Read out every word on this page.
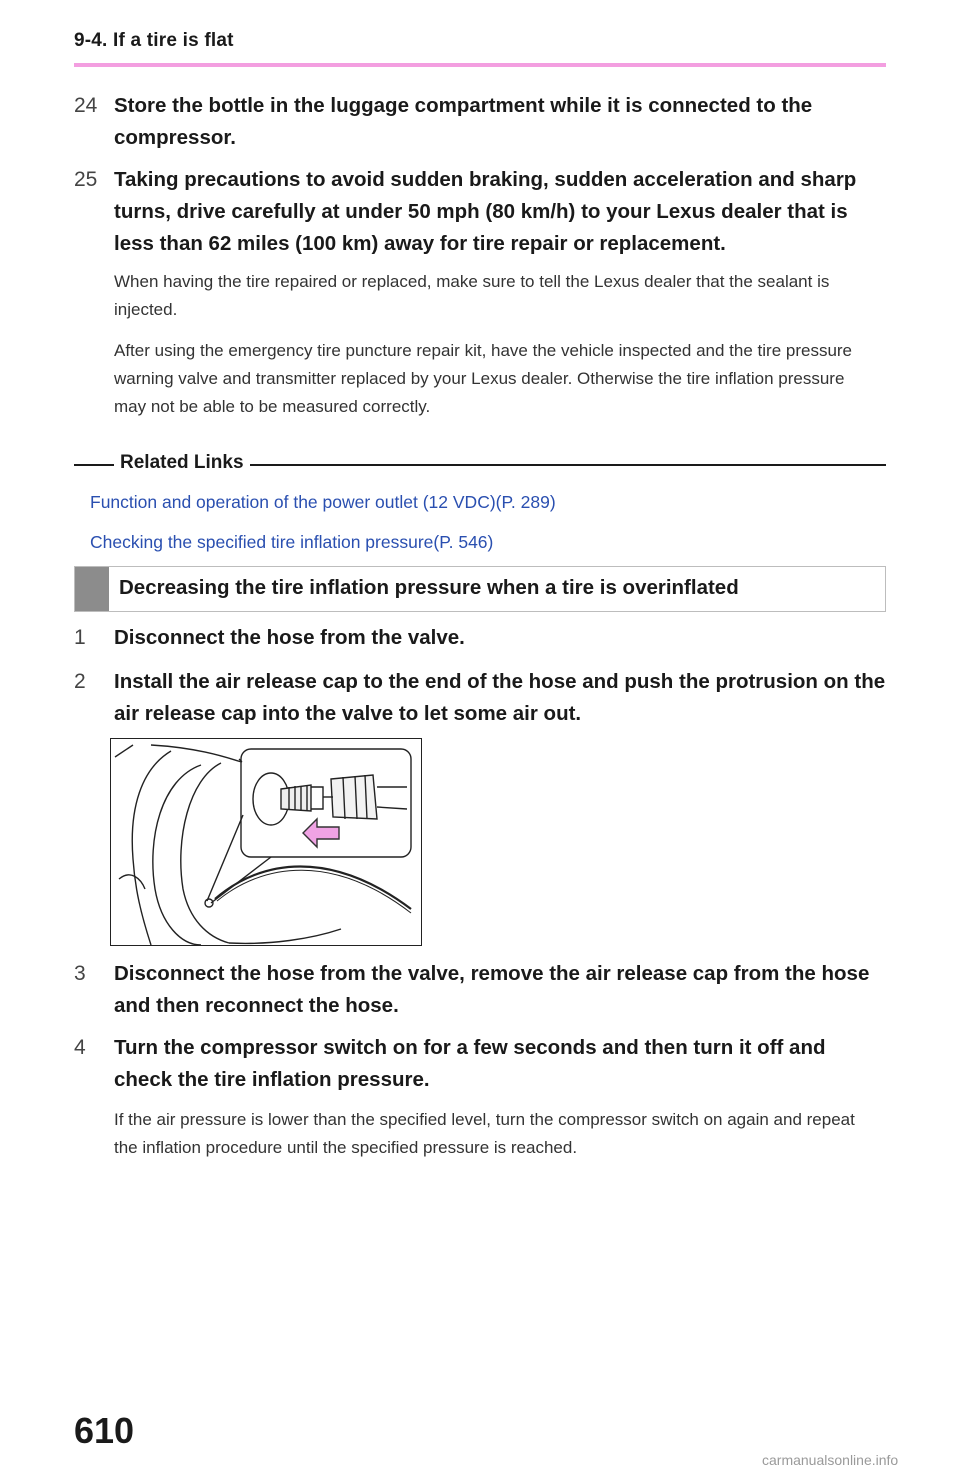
9-4. If a tire is flat
24 Store the bottle in the luggage compartment while it is connected to the compressor.
25 Taking precautions to avoid sudden braking, sudden acceleration and sharp turns, drive carefully at under 50 mph (80 km/h) to your Lexus dealer that is less than 62 miles (100 km) away for tire repair or replacement.
When having the tire repaired or replaced, make sure to tell the Lexus dealer that the sealant is injected.
After using the emergency tire puncture repair kit, have the vehicle inspected and the tire pressure warning valve and transmitter replaced by your Lexus dealer. Otherwise the tire inflation pressure may not be able to be measured correctly.
Related Links
Function and operation of the power outlet (12 VDC)(P. 289)
Checking the specified tire inflation pressure(P. 546)
Decreasing the tire inflation pressure when a tire is overinflated
1	Disconnect the hose from the valve.
2	Install the air release cap to the end of the hose and push the protrusion on the air release cap into the valve to let some air out.
3	Disconnect the hose from the valve, remove the air release cap from the hose and then reconnect the hose.
4	Turn the compressor switch on for a few seconds and then turn it off and check the tire inflation pressure.
If the air pressure is lower than the specified level, turn the compressor switch on again and repeat the inflation procedure until the specified pressure is reached.
610
carmanualsonline.info
